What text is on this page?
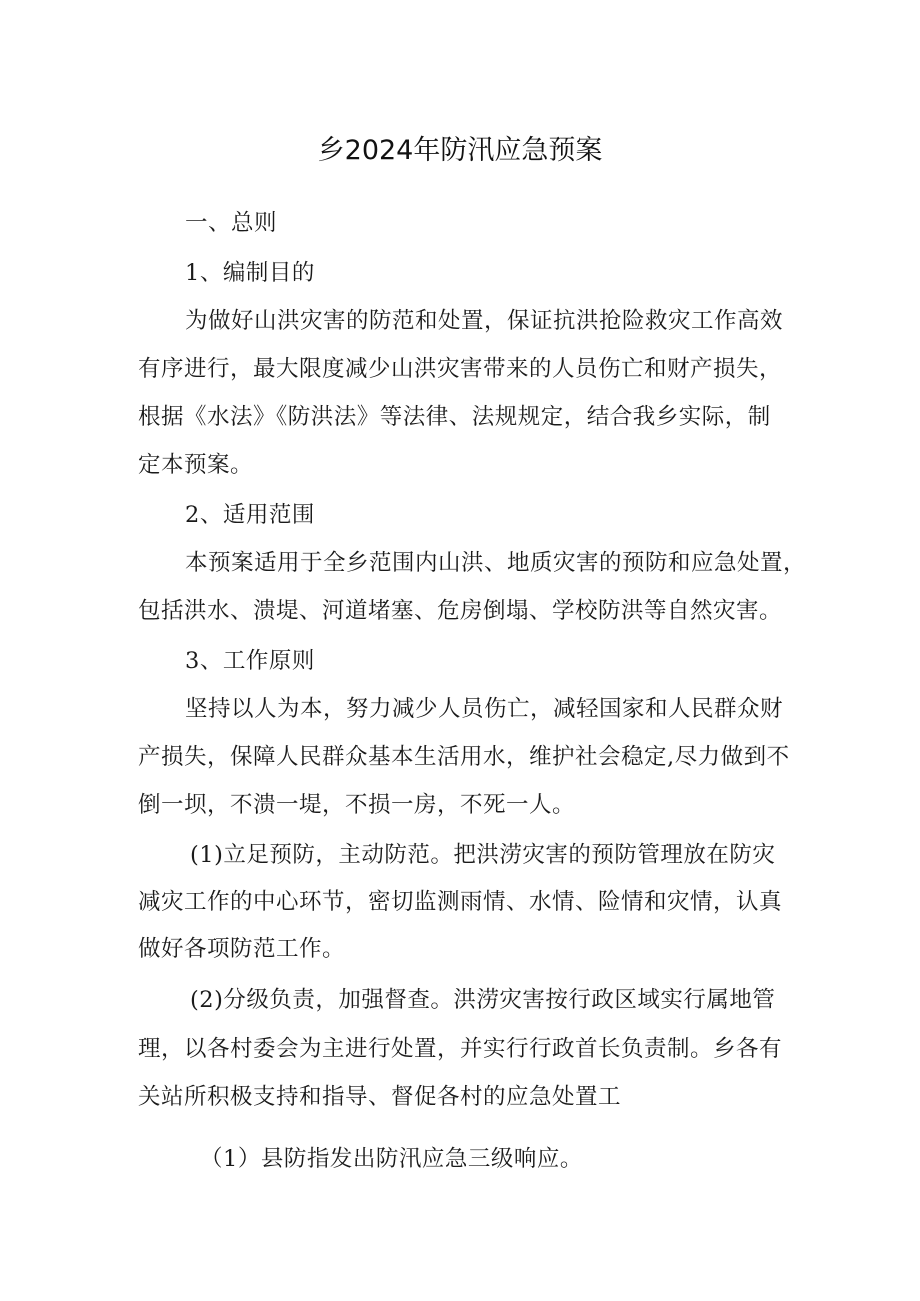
乡2024年防汛应急预案

一、总则

1、编制目的

为做好山洪灾害的防范和处置，保证抗洪抢险救灾工作高效

有序进行，最大限度减少山洪灾害带来的人员伤亡和财产损失，

根据《水法》《防洪法》等法律、法规规定，结合我乡实际，制

定本预案。

2、适用范围

本预案适用于全乡范围内山洪、地质灾害的预防和应急处置，

包括洪水、溃堤、河道堵塞、危房倒塌、学校防洪等自然灾害。

3、工作原则

坚持以人为本，努力减少人员伤亡，减轻国家和人民群众财

产损失，保障人民群众基本生活用水，维护社会稳定,尽力做到不

倒一坝，不溃一堤，不损一房，不死一人。

(1)立足预防，主动防范。把洪涝灾害的预防管理放在防灾

减灾工作的中心环节，密切监测雨情、水情、险情和灾情，认真

做好各项防范工作。

(2)分级负责，加强督查。洪涝灾害按行政区域实行属地管

理，以各村委会为主进行处置，并实行行政首长负责制。乡各有

关站所积极支持和指导、督促各村的应急处置工

（1）县防指发出防汛应急三级响应。
